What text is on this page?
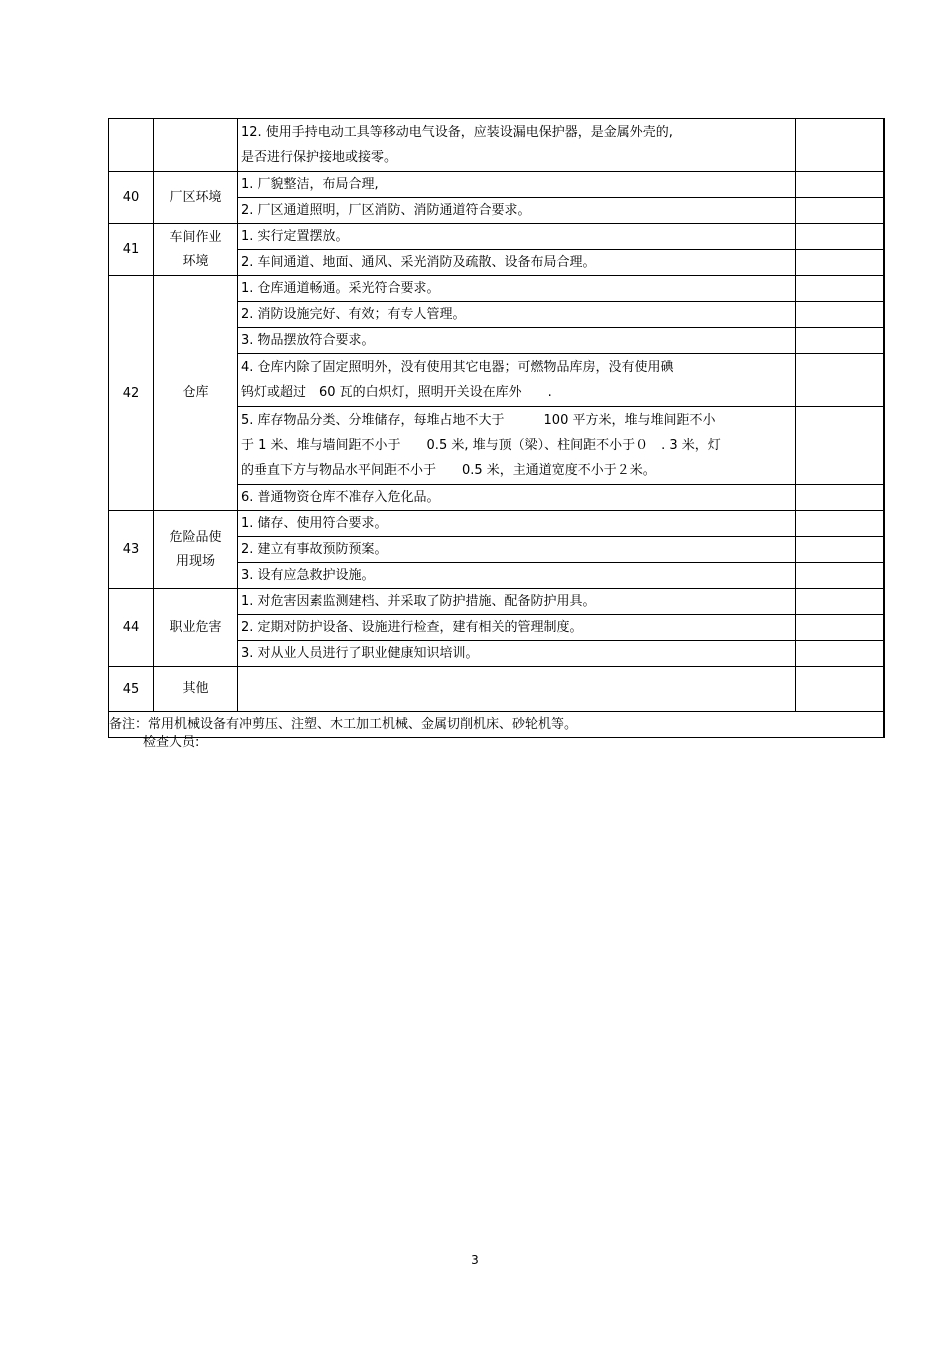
		12. 使用手持电动工具等移动电气设备，应装设漏电保护器，是金属外壳的,
是否进行保护接地或接零。	

40	厂区环境	1. 厂貌整洁，布局合理,	
		2. 厂区通道照明，厂区消防、消防通道符合要求。	
41	车间作业
环境	1. 实行定置摆放。	
		2. 车间通道、地面、通风、采光消防及疏散、设备布局合理。	
42	仓库	1. 仓库通道畅通。采光符合要求。	
		2. 消防设施完好、有效；有专人管理。	
		3. 物品摆放符合要求。	

		4. 仓库内除了固定照明外，没有使用其它电器；可燃物品库房，没有使用碘
钨灯或超过　60 瓦的白炽灯，照明开关设在库外　　.	

		5. 库存物品分类、分堆储存，每堆占地不大于　　　100 平方米，堆与堆间距不小
于 1 米、堆与墙间距不小于　　0.5 米, 堆与顶（梁）、柱间距不小于０　. 3 米，灯
的垂直下方与物品水平间距不小于　　0.5 米，主通道宽度不小于２米。	

		6. 普通物资仓库不准存入危化品。	
43	危险品使
用现场	1. 储存、使用符合要求。	
		2. 建立有事故预防预案。	
		3. 设有应急救护设施。	
44	职业危害	1. 对危害因素监测建档、并采取了防护措施、配备防护用具。	
		2. 定期对防护设备、设施进行检查，建有相关的管理制度。	
		3. 对从业人员进行了职业健康知识培训。	
45	其他		
备注：常用机械设备有冲剪压、注塑、木工加工机械、金属切削机床、砂轮机等。			
检查人员:
3
